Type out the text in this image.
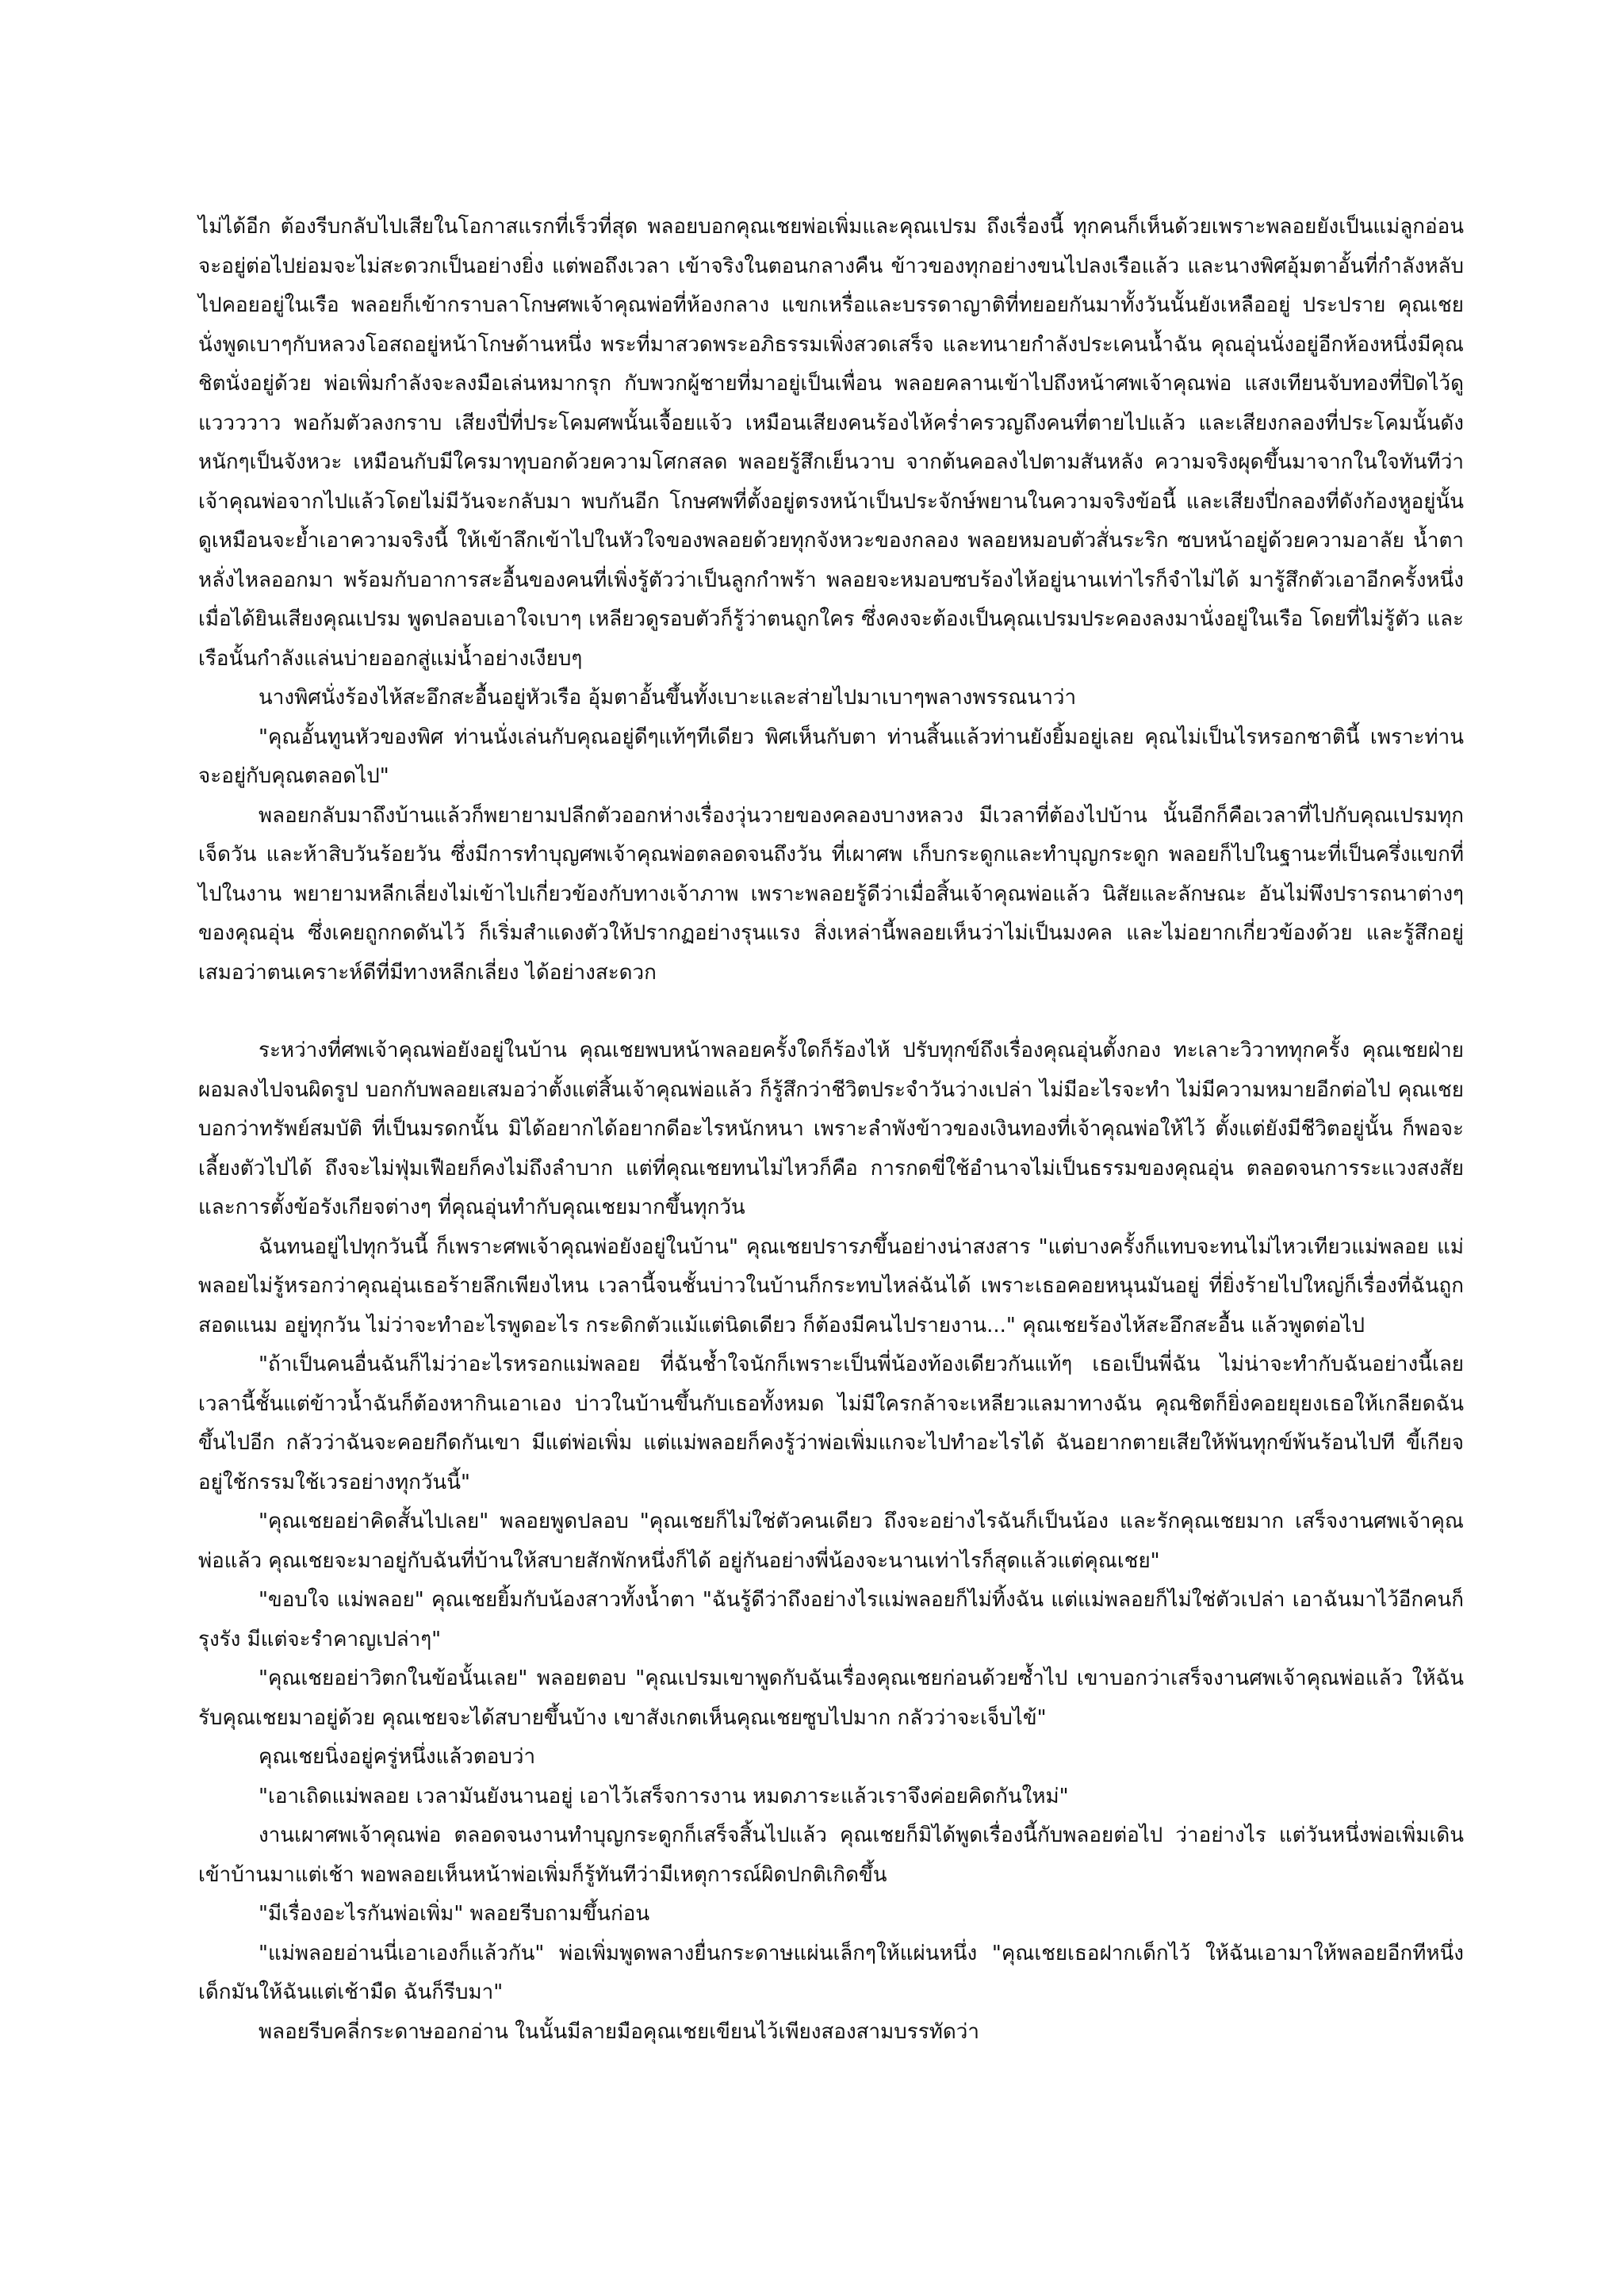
ไม่ได้อีก ต้องรีบกลับไปเสียในโอกาสแรกที่เร็วที่สุด พลอยบอกคุณเชยพ่อเพิ่มและคุณเปรม ถึงเรื่องนี้ ทุกคนก็เห็นด้วยเพราะพลอยยังเป็นแม่ลูกอ่อน จะอยู่ต่อไปย่อมจะไม่สะดวกเป็นอย่างยิ่ง แต่พอถึงเวลา เข้าจริงในตอนกลางคืน ข้าวของทุกอย่างขนไปลงเรือแล้ว และนางพิศอุ้มตาอั้นที่กำลังหลับไปคอยอยู่ในเรือ พลอยก็เข้ากราบลาโกษศพเจ้าคุณพ่อที่ห้องกลาง แขกเหรื่อและบรรดาญาติที่ทยอยกันมาทั้งวันนั้นยังเหลืออยู่ ประปราย คุณเชยนั่งพูดเบาๆกับหลวงโอสถอยู่หน้าโกษด้านหนึ่ง พระที่มาสวดพระอภิธรรมเพิ่งสวดเสร็จ และทนายกำลังประเคนน้ำฉัน คุณอุ่นนั่งอยู่อีกห้องหนึ่งมีคุณชิตนั่งอยู่ด้วย พ่อเพิ่มกำลังจะลงมือเล่นหมากรุก กับพวกผู้ชายที่มาอยู่เป็นเพื่อน พลอยคลานเข้าไปถึงหน้าศพเจ้าคุณพ่อ แสงเทียนจับทองที่ปิดไว้ดูแววววาว พอก้มตัวลงกราบ เสียงปี่ที่ประโคมศพนั้นเจื้อยแจ้ว เหมือนเสียงคนร้องไห้คร่ำครวญถึงคนที่ตายไปแล้ว และเสียงกลองที่ประโคมนั้นดังหนักๆเป็นจังหวะ เหมือนกับมีใครมาทุบอกด้วยความโศกสลด พลอยรู้สึกเย็นวาบ จากต้นคอลงไปตามสันหลัง ความจริงผุดขึ้นมาจากในใจทันทีว่า เจ้าคุณพ่อจากไปแล้วโดยไม่มีวันจะกลับมา พบกันอีก โกษศพที่ตั้งอยู่ตรงหน้าเป็นประจักษ์พยานในความจริงข้อนี้ และเสียงปี่กลองที่ดังก้องหูอยู่นั้น ดูเหมือนจะย้ำเอาความจริงนี้ ให้เข้าลึกเข้าไปในหัวใจของพลอยด้วยทุกจังหวะของกลอง พลอยหมอบตัวสั่นระริก ซบหน้าอยู่ด้วยความอาลัย น้ำตาหลั่งไหลออกมา พร้อมกับอาการสะอื้นของคนที่เพิ่งรู้ตัวว่าเป็นลูกกำพร้า พลอยจะหมอบซบร้องไห้อยู่นานเท่าไรก็จำไม่ได้ มารู้สึกตัวเอาอีกครั้งหนึ่งเมื่อได้ยินเสียงคุณเปรม พูดปลอบเอาใจเบาๆ เหลียวดูรอบตัวก็รู้ว่าตนถูกใคร ซึ่งคงจะต้องเป็นคุณเปรมประคองลงมานั่งอยู่ในเรือ โดยที่ไม่รู้ตัว และเรือนั้นกำลังแล่นบ่ายออกสู่แม่น้ำอย่างเงียบๆ

นางพิศนั่งร้องไห้สะอึกสะอื้นอยู่หัวเรือ อุ้มตาอั้นขึ้นทั้งเบาะและส่ายไปมาเบาๆพลางพรรณนาว่า

"คุณอั้นทูนหัวของพิศ ท่านนั่งเล่นกับคุณอยู่ดีๆแท้ๆทีเดียว พิศเห็นกับตา ท่านสิ้นแล้วท่านยังยิ้มอยู่เลย คุณไม่เป็นไรหรอกชาตินี้ เพราะท่านจะอยู่กับคุณตลอดไป"

พลอยกลับมาถึงบ้านแล้วก็พยายามปลีกตัวออกห่างเรื่องวุ่นวายของคลองบางหลวง มีเวลาที่ต้องไปบ้าน นั้นอีกก็คือเวลาที่ไปกับคุณเปรมทุกเจ็ดวัน และห้าสิบวันร้อยวัน ซึ่งมีการทำบุญศพเจ้าคุณพ่อตลอดจนถึงวัน ที่เผาศพ เก็บกระดูกและทำบุญกระดูก พลอยก็ไปในฐานะที่เป็นครึ่งแขกที่ไปในงาน พยายามหลีกเลี่ยงไม่เข้าไปเกี่ยวข้องกับทางเจ้าภาพ เพราะพลอยรู้ดีว่าเมื่อสิ้นเจ้าคุณพ่อแล้ว นิสัยและลักษณะ อันไม่พึงปรารถนาต่างๆของคุณอุ่น ซึ่งเคยถูกกดดันไว้ ก็เริ่มสำแดงตัวให้ปรากฏอย่างรุนแรง สิ่งเหล่านี้พลอยเห็นว่าไม่เป็นมงคล และไม่อยากเกี่ยวข้องด้วย และรู้สึกอยู่เสมอว่าตนเคราะห์ดีที่มีทางหลีกเลี่ยง ได้อย่างสะดวก

ระหว่างที่ศพเจ้าคุณพ่อยังอยู่ในบ้าน คุณเชยพบหน้าพลอยครั้งใดก็ร้องไห้ ปรับทุกข์ถึงเรื่องคุณอุ่นตั้งกอง ทะเลาะวิวาททุกครั้ง คุณเชยฝ่ายผอมลงไปจนผิดรูป บอกกับพลอยเสมอว่าตั้งแต่สิ้นเจ้าคุณพ่อแล้ว ก็รู้สึกว่าชีวิตประจำวันว่างเปล่า ไม่มีอะไรจะทำ ไม่มีความหมายอีกต่อไป คุณเชยบอกว่าทรัพย์สมบัติ ที่เป็นมรดกนั้น มิได้อยากได้อยากดีอะไรหนักหนา เพราะลำพังข้าวของเงินทองที่เจ้าคุณพ่อให้ไว้ ตั้งแต่ยังมีชีวิตอยู่นั้น ก็พอจะเลี้ยงตัวไปได้ ถึงจะไม่ฟุ่มเฟือยก็คงไม่ถึงลำบาก แต่ที่คุณเชยทนไม่ไหวก็คือ การกดขี่ใช้อำนาจไม่เป็นธรรมของคุณอุ่น ตลอดจนการระแวงสงสัย และการตั้งข้อรังเกียจต่างๆ ที่คุณอุ่นทำกับคุณเชยมากขึ้นทุกวัน

ฉันทนอยู่ไปทุกวันนี้ ก็เพราะศพเจ้าคุณพ่อยังอยู่ในบ้าน" คุณเชยปรารภขึ้นอย่างน่าสงสาร "แต่บางครั้งก็แทบจะทนไม่ไหวเทียวแม่พลอย แม่พลอยไม่รู้หรอกว่าคุณอุ่นเธอร้ายลึกเพียงไหน เวลานี้จนชั้นบ่าวในบ้านก็กระทบไหล่ฉันได้ เพราะเธอคอยหนุนมันอยู่ ที่ยิ่งร้ายไปใหญ่ก็เรื่องที่ฉันถูกสอดแนม อยู่ทุกวัน ไม่ว่าจะทำอะไรพูดอะไร กระดิกตัวแม้แต่นิดเดียว ก็ต้องมีคนไปรายงาน..." คุณเชยร้องไห้สะอึกสะอื้น แล้วพูดต่อไป

"ถ้าเป็นคนอื่นฉันก็ไม่ว่าอะไรหรอกแม่พลอย ที่ฉันช้ำใจนักก็เพราะเป็นพี่น้องท้องเดียวกันแท้ๆ เธอเป็นพี่ฉัน ไม่น่าจะทำกับฉันอย่างนี้เลย เวลานี้ชั้นแต่ข้าวน้ำฉันก็ต้องหากินเอาเอง บ่าวในบ้านขึ้นกับเธอทั้งหมด ไม่มีใครกล้าจะเหลียวแลมาทางฉัน คุณชิตก็ยิ่งคอยยุยงเธอให้เกลียดฉันขึ้นไปอีก กลัวว่าฉันจะคอยกีดกันเขา มีแต่พ่อเพิ่ม แต่แม่พลอยก็คงรู้ว่าพ่อเพิ่มแกจะไปทำอะไรได้ ฉันอยากตายเสียให้พ้นทุกข์พ้นร้อนไปที ขี้เกียจอยู่ใช้กรรมใช้เวรอย่างทุกวันนี้"

"คุณเชยอย่าคิดสั้นไปเลย" พลอยพูดปลอบ "คุณเชยก็ไม่ใช่ตัวคนเดียว ถึงจะอย่างไรฉันก็เป็นน้อง และรักคุณเชยมาก เสร็จงานศพเจ้าคุณพ่อแล้ว คุณเชยจะมาอยู่กับฉันที่บ้านให้สบายสักพักหนึ่งก็ได้ อยู่กันอย่างพี่น้องจะนานเท่าไรก็สุดแล้วแต่คุณเชย"

"ขอบใจ แม่พลอย" คุณเชยยิ้มกับน้องสาวทั้งน้ำตา "ฉันรู้ดีว่าถึงอย่างไรแม่พลอยก็ไม่ทิ้งฉัน แต่แม่พลอยก็ไม่ใช่ตัวเปล่า เอาฉันมาไว้อีกคนก็รุงรัง มีแต่จะรำคาญเปล่าๆ"

"คุณเชยอย่าวิตกในข้อนั้นเลย" พลอยตอบ "คุณเปรมเขาพูดกับฉันเรื่องคุณเชยก่อนด้วยซ้ำไป เขาบอกว่าเสร็จงานศพเจ้าคุณพ่อแล้ว ให้ฉันรับคุณเชยมาอยู่ด้วย คุณเชยจะได้สบายขึ้นบ้าง เขาสังเกตเห็นคุณเชยซูบไปมาก กลัวว่าจะเจ็บไข้"

คุณเชยนิ่งอยู่ครู่หนึ่งแล้วตอบว่า

"เอาเถิดแม่พลอย เวลามันยังนานอยู่ เอาไว้เสร็จการงาน หมดภาระแล้วเราจึงค่อยคิดกันใหม่"

งานเผาศพเจ้าคุณพ่อ ตลอดจนงานทำบุญกระดูกก็เสร็จสิ้นไปแล้ว คุณเชยก็มิได้พูดเรื่องนี้กับพลอยต่อไป ว่าอย่างไร แต่วันหนึ่งพ่อเพิ่มเดินเข้าบ้านมาแต่เช้า พอพลอยเห็นหน้าพ่อเพิ่มก็รู้ทันทีว่ามีเหตุการณ์ผิดปกติเกิดขึ้น

"มีเรื่องอะไรกันพ่อเพิ่ม" พลอยรีบถามขึ้นก่อน

"แม่พลอยอ่านนี่เอาเองก็แล้วกัน" พ่อเพิ่มพูดพลางยื่นกระดาษแผ่นเล็กๆให้แผ่นหนึ่ง "คุณเชยเธอฝากเด็กไว้ ให้ฉันเอามาให้พลอยอีกทีหนึ่ง เด็กมันให้ฉันแต่เช้ามืด ฉันก็รีบมา"

พลอยรีบคลี่กระดาษออกอ่าน ในนั้นมีลายมือคุณเชยเขียนไว้เพียงสองสามบรรทัดว่า
